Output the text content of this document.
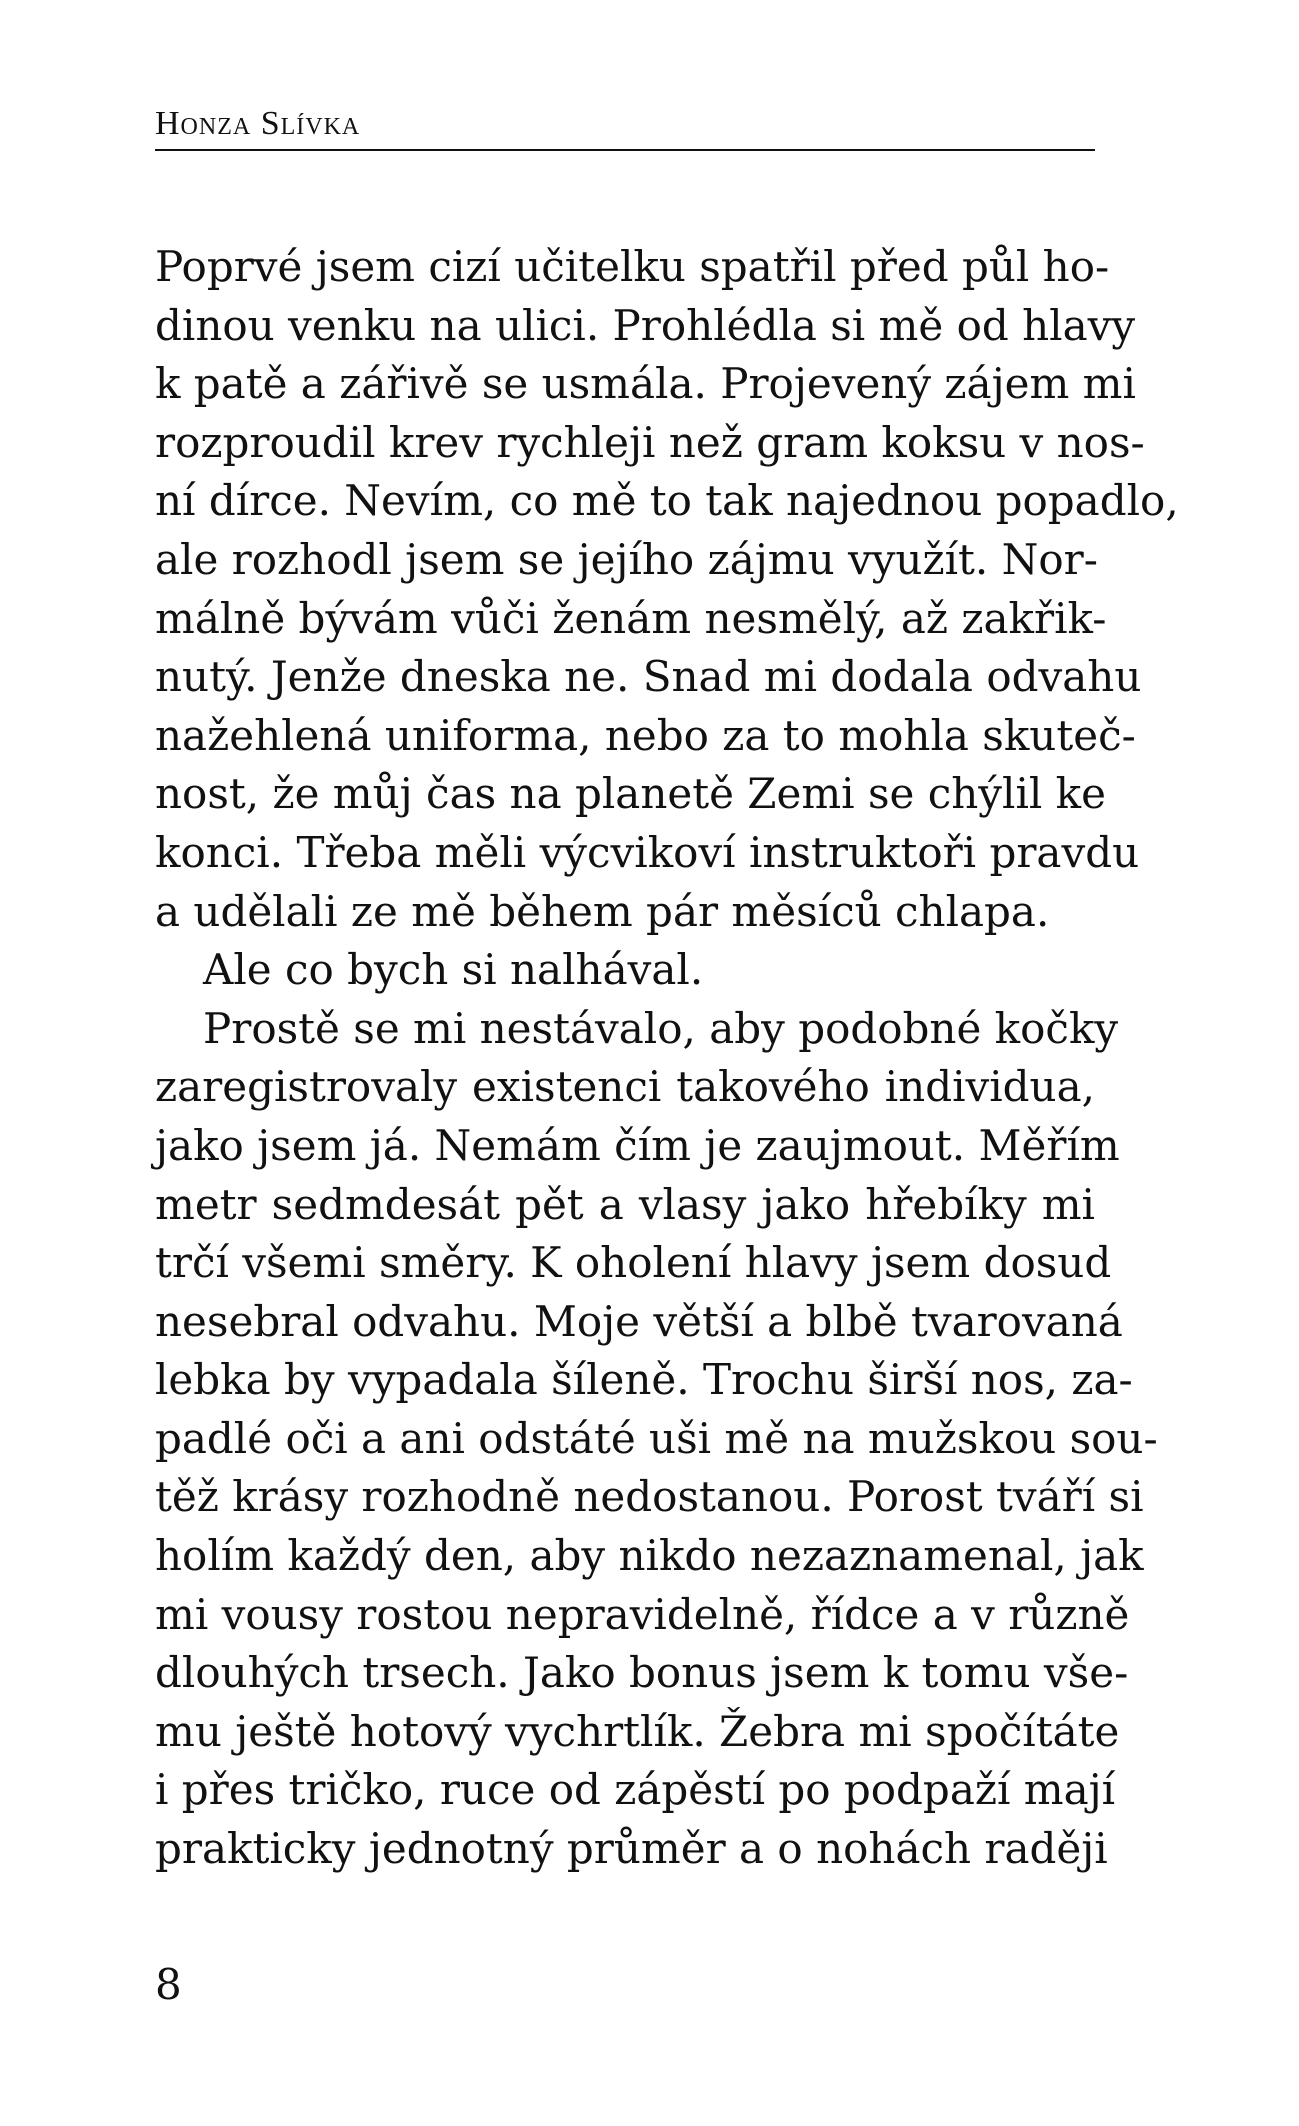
Honza Slívka
Poprvé jsem cizí učitelku spatřil před půl ho-
dinou venku na ulici. Prohlédla si mě od hlavy
k patě a zářivě se usmála. Projevený zájem mi
rozproudil krev rychleji než gram koksu v nos-
ní dírce. Nevím, co mě to tak najednou popadlo,
ale rozhodl jsem se jejího zájmu využít. Nor-
málně bývám vůči ženám nesmělý, až zakřik-
nutý. Jenže dneska ne. Snad mi dodala odvahu
nažehlená uniforma, nebo za to mohla skuteč-
nost, že můj čas na planetě Zemi se chýlil ke
konci. Třeba měli výcvikoví instruktoři pravdu
a udělali ze mě během pár měsíců chlapa.
Ale co bych si nalhával.
Prostě se mi nestávalo, aby podobné kočky
zaregistrovaly existenci takového individua,
jako jsem já. Nemám čím je zaujmout. Měřím
metr sedmdesát pět a vlasy jako hřebíky mi
trčí všemi směry. K oholení hlavy jsem dosud
nesebral odvahu. Moje větší a blbě tvarovaná
lebka by vypadala šíleně. Trochu širší nos, za-
padlé oči a ani odstáté uši mě na mužskou sou-
těž krásy rozhodně nedostanou. Porost tváří si
holím každý den, aby nikdo nezaznamenal, jak
mi vousy rostou nepravidelně, řídce a v různě
dlouhých trsech. Jako bonus jsem k tomu vše-
mu ještě hotový vychrtlík. Žebra mi spočítáte
i přes tričko, ruce od zápěstí po podpaží mají
prakticky jednotný průměr a o nohách raději
8
